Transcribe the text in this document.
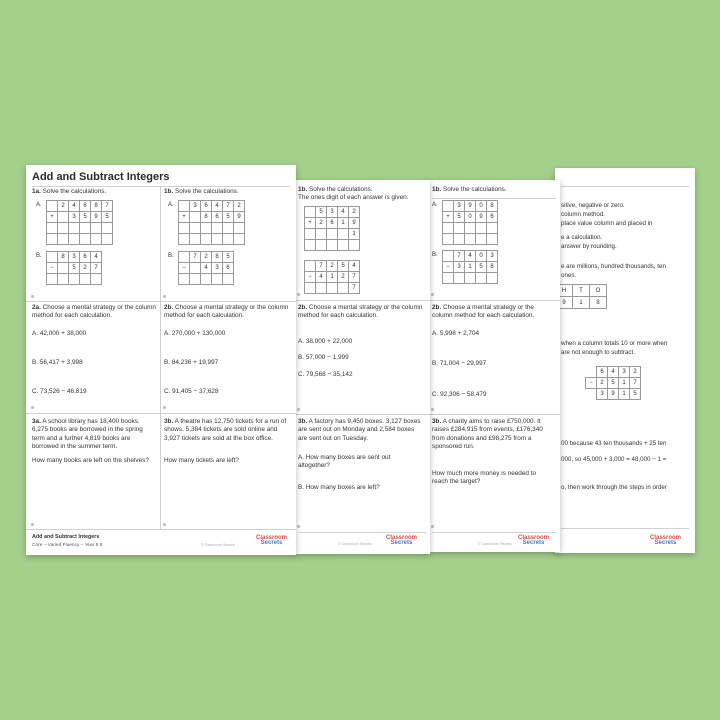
sitive, negative or zero.
column method.
place value column and placed in
e a calculation.
answer by rounding.
e are millions, hundred thousands, ten
ones.
H	T	O
9	1	8
when a column totals 10 or more when
are not enough to subtract.
	6	4	3	2
−	2	5	1	7
	3	9	1	5
00 because 43 ten thousands + 25 ten
000, so 45,000 + 3,000 = 48,000 − 1 =
o, then work through the steps in order
Classroom
Secrets
1b. Solve the calculations.
A.
		3	9	0	8
+	5	0	9	6

B.
		7	4	0	3
−	3	1	5	8

2b. Choose a mental strategy or the column method for each calculation.
A. 5,998 + 2,704
B. 71,004 − 29,997
C. 92,306 − 58,479
3b. A charity aims to raise £750,000. It raises £284,915 from events, £176,340 from donations and £98,275 from a sponsored run.
How much more money is needed to reach the target?
© Classroom Secrets
Classroom
Secrets
1b. Solve the calculations.
The ones digit of each answer is given.
	5	3	4	2
+	2	6	1	9
				1

	7	2	5	4
−	4	1	2	7
				7
2b. Choose a mental strategy or the column method for each calculation.
A. 38,000 + 22,000
B. 57,000 − 1,999
C. 79,568 − 35,142
3b. A factory has 9,450 boxes. 3,127 boxes are sent out on Monday and 2,584 boxes are sent out on Tuesday.
A. How many boxes are sent out altogether?
B. How many boxes are left?
© Classroom Secrets
Classroom
Secrets
Add and Subtract Integers
1a. Solve the calculations.
A.
		2	4	6	8	7
+		3	5	9	5

B.
		8	3	6	4
−		5	2	7

1b. Solve the calculations.
A.
		3	6	4	7	2
+		8	6	5	9

B.
		7	2	8	5
−		4	3	6

2a. Choose a mental strategy or the column method for each calculation.
A. 42,000 + 38,000
B. 56,417 + 3,998
C. 73,526 − 46,819
2b. Choose a mental strategy or the column method for each calculation.
A. 270,000 + 130,000
B. 84,236 + 19,997
C. 91,405 − 37,628
3a. A school library has 18,400 books. 6,275 books are borrowed in the spring term and a further 4,819 books are borrowed in the summer term.
How many books are left on the shelves?
3b. A theatre has 12,750 tickets for a run of shows. 5,384 tickets are sold online and 3,927 tickets are sold at the box office.
How many tickets are left?
Add and Subtract Integers
Core – Varied Fluency – Year 6 6	© Classroom Secrets
Classroom
Secrets
